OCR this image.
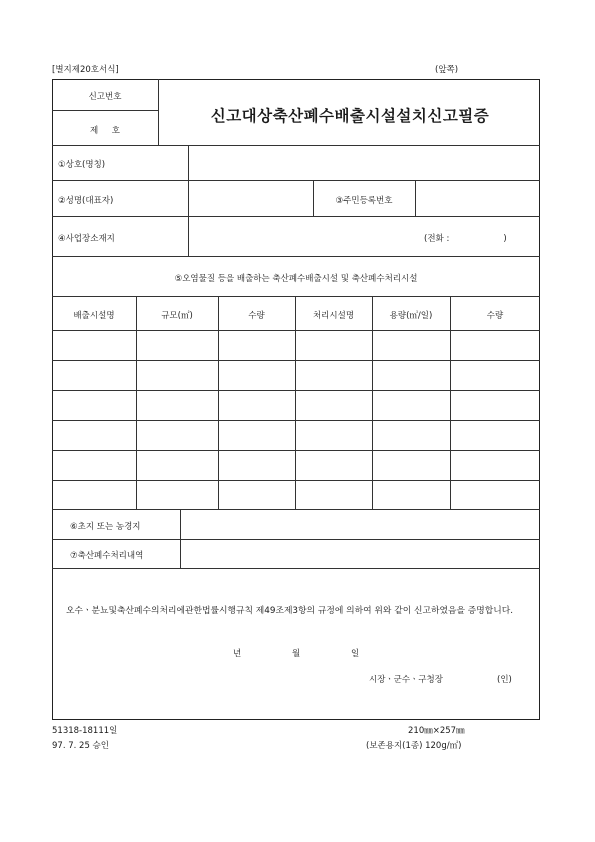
[별지제20호서식]	(앞쪽)
신고번호
제     호
신고대상축산폐수배출시설설치신고필증
①상호(명칭)
②성명(대표자)	③주민등록번호
④사업장소재지	(전화 :                    )
⑤오염물질 등을 배출하는 축산폐수배출시설 및 축산폐수처리시설
배출시설명	규모(㎡)	수량	처리시설명	용량(㎥/일)	수량
⑥초지 또는 농경지
⑦축산폐수처리내역
오수ㆍ분뇨및축산폐수의처리에관한법률시행규칙 제49조제3항의 규정에 의하여 위와 같이 신고하였음을 증명합니다.
년	월	일
시장ㆍ군수ㆍ구청장	(인)
51318-18111일
97. 7. 25 승인
210㎜×257㎜
(보존용지(1종) 120g/㎡)
